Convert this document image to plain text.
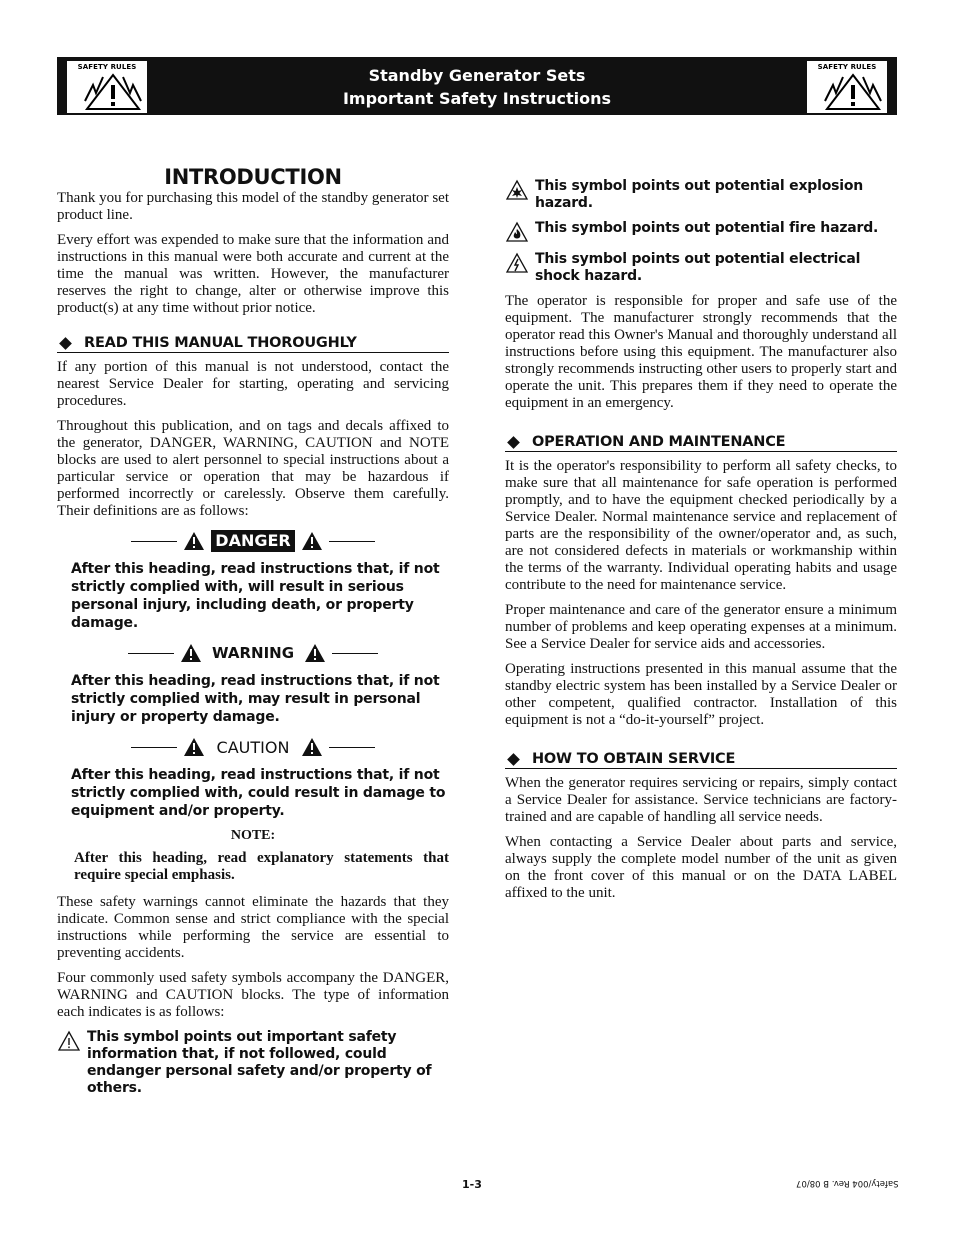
SAFETY RULES	Standby Generator Sets
Important Safety Instructions
SAFETY RULES
INTRODUCTION

Thank you for purchasing this model of the standby generator set product line.

Every effort was expended to make sure that the information and instructions in this manual were both accurate and current at the time the manual was written. However, the manufacturer reserves the right to change, alter or otherwise improve this product(s) at any time without prior notice.

READ THIS MANUAL THOROUGHLY

If any portion of this manual is not understood, contact the nearest Service Dealer for starting, operating and servicing procedures.

Throughout this publication, and on tags and decals affixed to the generator, DANGER, WARNING, CAUTION and NOTE blocks are used to alert personnel to special instructions about a particular service or operation that may be hazardous if performed incorrectly or carelessly. Observe them carefully. Their definitions are as follows:

DANGER
After this heading, read instructions that, if not strictly complied with, will result in serious personal injury, including death, or property damage.
WARNING
After this heading, read instructions that, if not strictly complied with, may result in personal injury or property damage.
CAUTION
After this heading, read instructions that, if not strictly complied with, could result in damage to equipment and/or property.
NOTE:
After this heading, read explanatory statements that require special emphasis.

These safety warnings cannot eliminate the hazards that they indicate. Common sense and strict compliance with the special instructions while performing the service are essential to preventing accidents.

Four commonly used safety symbols accompany the DANGER, WARNING and CAUTION blocks. The type of information each indicates is as follows:

This symbol points out important safety information that, if not followed, could endanger personal safety and/or property of others.
This symbol points out potential explosion hazard.
This symbol points out potential fire hazard.
This symbol points out potential electrical shock hazard.

The operator is responsible for proper and safe use of the equipment. The manufacturer strongly recommends that the operator read this Owner's Manual and thoroughly understand all instructions before using this equipment. The manufacturer also strongly recommends instructing other users to properly start and operate the unit. This prepares them if they need to operate the equipment in an emergency.

OPERATION AND MAINTENANCE

It is the operator's responsibility to perform all safety checks, to make sure that all maintenance for safe operation is performed promptly, and to have the equipment checked periodically by a Service Dealer. Normal maintenance service and replacement of parts are the responsibility of the owner/operator and, as such, are not considered defects in materials or workmanship within the terms of the warranty. Individual operating habits and usage contribute to the need for maintenance service.

Proper maintenance and care of the generator ensure a minimum number of problems and keep operating expenses at a minimum. See a Service Dealer for service aids and accessories.

Operating instructions presented in this manual assume that the standby electric system has been installed by a Service Dealer or other competent, qualified contractor. Installation of this equipment is not a “do-it-yourself” project.

HOW TO OBTAIN SERVICE

When the generator requires servicing or repairs, simply contact a Service Dealer for assistance. Service technicians are factory-trained and are capable of handling all service needs.

When contacting a Service Dealer about parts and service, always supply the complete model number of the unit as given on the front cover of this manual or on the DATA LABEL affixed to the unit.

1-3	Safety/004 Rev. B 08/07
